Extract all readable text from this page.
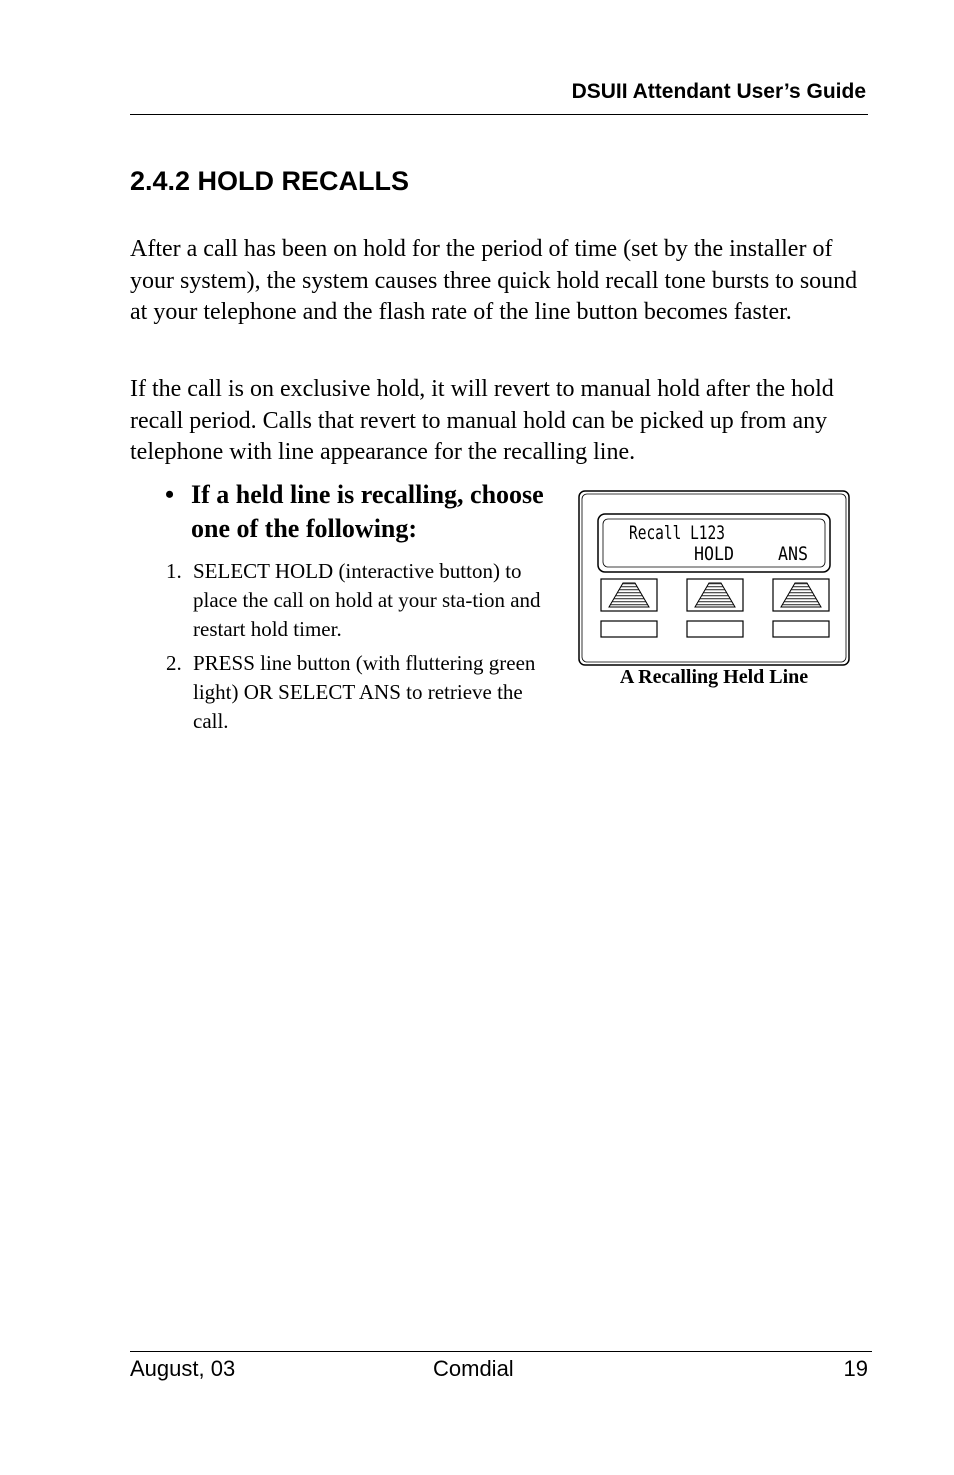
DSUII Attendant User’s Guide
2.4.2 HOLD RECALLS

After a call has been on hold for the period of time (set by the installer of your system), the system causes three quick hold recall tone bursts to sound at your telephone and the flash rate of the line button becomes faster.

If the call is on exclusive hold, it will revert to manual hold after the hold recall period. Calls that revert to manual hold can be picked up from any telephone with line appearance for the recalling line.

• If a held line is recalling, choose one of the following:
1. SELECT HOLD (interactive button) to place the call on hold at your sta-tion and restart hold timer.
2. PRESS line button (with fluttering green light) OR SELECT ANS to retrieve the call.
Recall L123
HOLD ANS
A Recalling Held Line
August, 03	Comdial	19
